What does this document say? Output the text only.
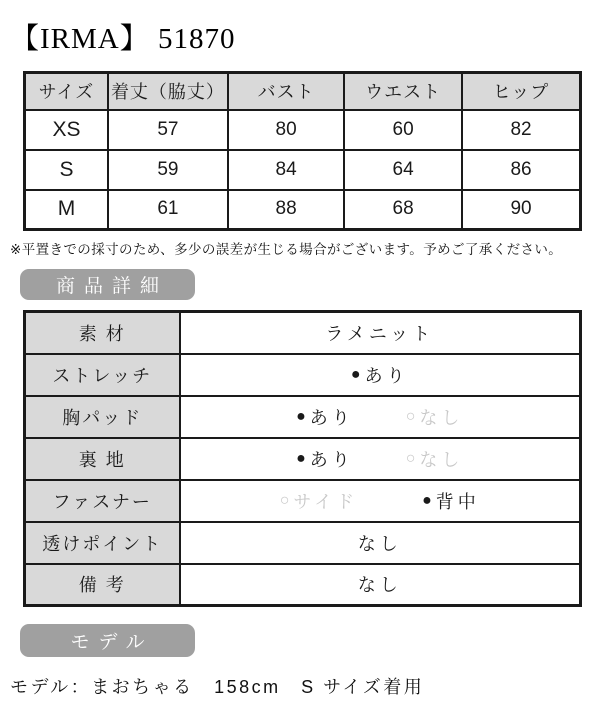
【IRMA】 51870
サイズ	着丈（脇丈）	バスト	ウエスト	ヒップ
XS	57	80	60	82
S	59	84	64	86
M	61	88	68	90
※平置きでの採寸のため、多少の誤差が生じる場合がございます。予めご了承ください。
商品詳細
素 材	ラメニット
ストレッチ	● あり

胸パッド	● あり ○ なし

裏 地	● あり ○ なし

ファスナー	○ サイド ● 背中

透けポイント	なし
備 考	なし
モデル
モデル：まおちゃる　158cm　S サイズ着用
